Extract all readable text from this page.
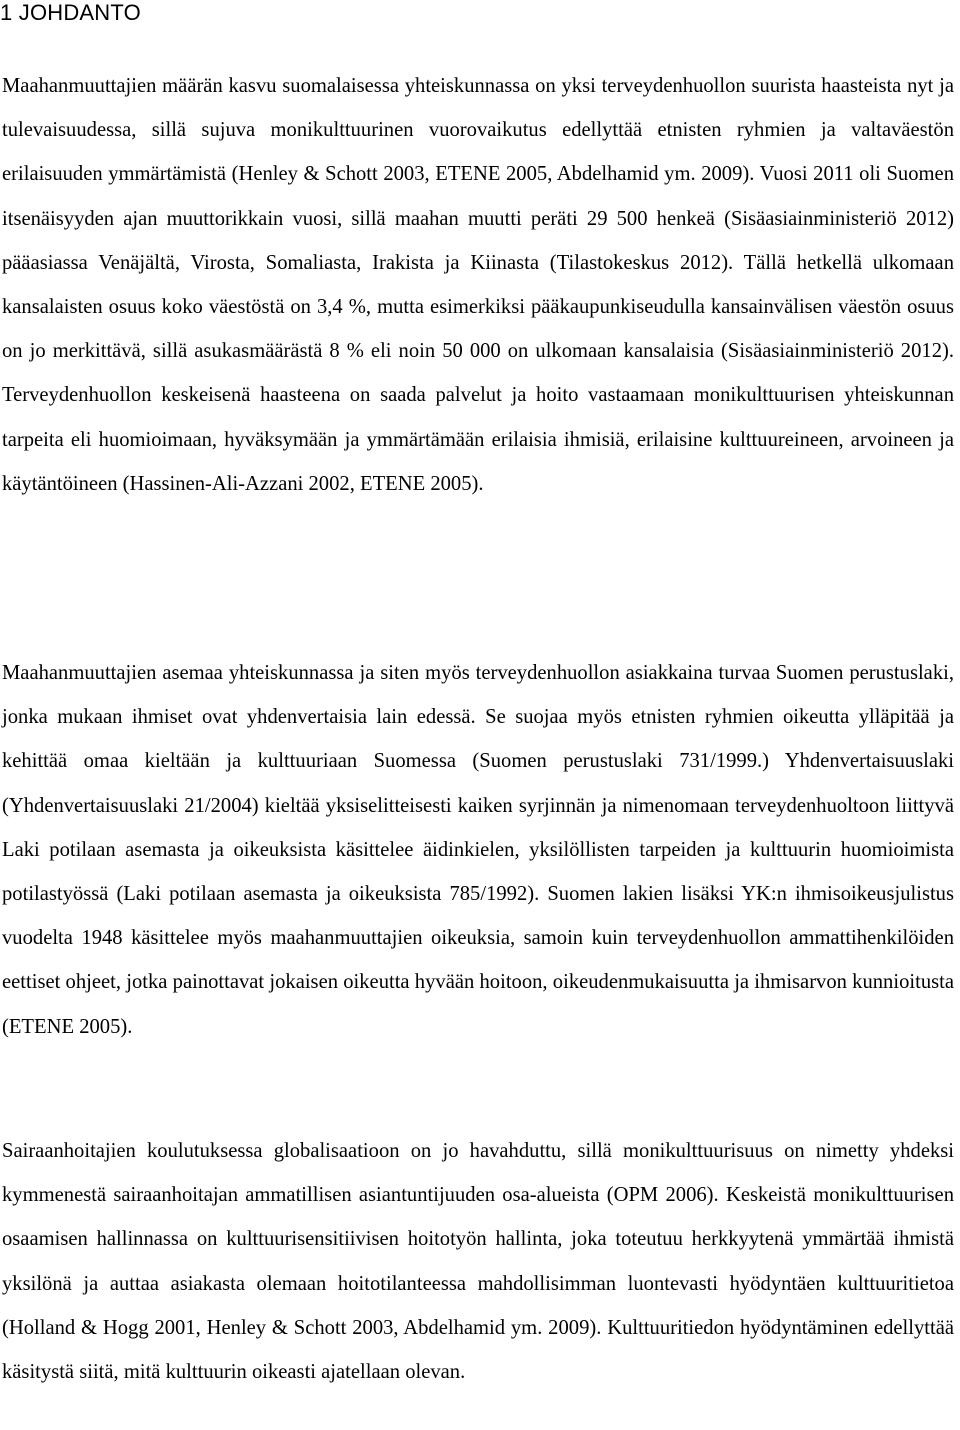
1 JOHDANTO

Maahanmuuttajien määrän kasvu suomalaisessa yhteiskunnassa on yksi terveydenhuollon suurista haasteista nyt ja tulevaisuudessa, sillä sujuva monikulttuurinen vuorovaikutus edellyttää etnisten ryhmien ja valtaväestön erilaisuuden ymmärtämistä (Henley & Schott 2003, ETENE 2005, Abdelhamid ym. 2009). Vuosi 2011 oli Suomen itsenäisyyden ajan muuttorikkain vuosi, sillä maahan muutti peräti 29 500 henkeä (Sisäasiainministeriö 2012) pääasiassa Venäjältä, Virosta, Somaliasta, Irakista ja Kiinasta (Tilastokeskus 2012). Tällä hetkellä ulkomaan kansalaisten osuus koko väestöstä on 3,4 %, mutta esimerkiksi pääkaupunkiseudulla kansainvälisen väestön osuus on jo merkittävä, sillä asukasmäärästä 8 % eli noin 50 000 on ulkomaan kansalaisia (Sisäasiainministeriö 2012). Terveydenhuollon keskeisenä haasteena on saada palvelut ja hoito vastaamaan monikulttuurisen yhteiskunnan tarpeita eli huomioimaan, hyväksymään ja ymmärtämään erilaisia ihmisiä, erilaisine kulttuureineen, arvoineen ja käytäntöineen (Hassinen-Ali-Azzani 2002, ETENE 2005).

Maahanmuuttajien asemaa yhteiskunnassa ja siten myös terveydenhuollon asiakkaina turvaa Suomen perustuslaki, jonka mukaan ihmiset ovat yhdenvertaisia lain edessä. Se suojaa myös etnisten ryhmien oikeutta ylläpitää ja kehittää omaa kieltään ja kulttuuriaan Suomessa (Suomen perustuslaki 731/1999.) Yhdenvertaisuuslaki (Yhdenvertaisuuslaki 21/2004) kieltää yksiselitteisesti kaiken syrjinnän ja nimenomaan terveydenhuoltoon liittyvä Laki potilaan asemasta ja oikeuksista käsittelee äidinkielen, yksilöllisten tarpeiden ja kulttuurin huomioimista potilastyössä (Laki potilaan asemasta ja oikeuksista 785/1992). Suomen lakien lisäksi YK:n ihmisoikeusjulistus vuodelta 1948 käsittelee myös maahanmuuttajien oikeuksia, samoin kuin terveydenhuollon ammattihenkilöiden eettiset ohjeet, jotka painottavat jokaisen oikeutta hyvään hoitoon, oikeudenmukaisuutta ja ihmisarvon kunnioitusta (ETENE 2005).

Sairaanhoitajien koulutuksessa globalisaatioon on jo havahduttu, sillä monikulttuurisuus on nimetty yhdeksi kymmenestä sairaanhoitajan ammatillisen asiantuntijuuden osa-alueista (OPM 2006). Keskeistä monikulttuurisen osaamisen hallinnassa on kulttuurisensitiivisen hoitotyön hallinta, joka toteutuu herkkyytenä ymmärtää ihmistä yksilönä ja auttaa asiakasta olemaan hoitotilanteessa mahdollisimman luontevasti hyödyntäen kulttuuritietoa (Holland & Hogg 2001, Henley & Schott 2003, Abdelhamid ym. 2009). Kulttuuritiedon hyödyntäminen edellyttää käsitystä siitä, mitä kulttuurin oikeasti ajatellaan olevan.
